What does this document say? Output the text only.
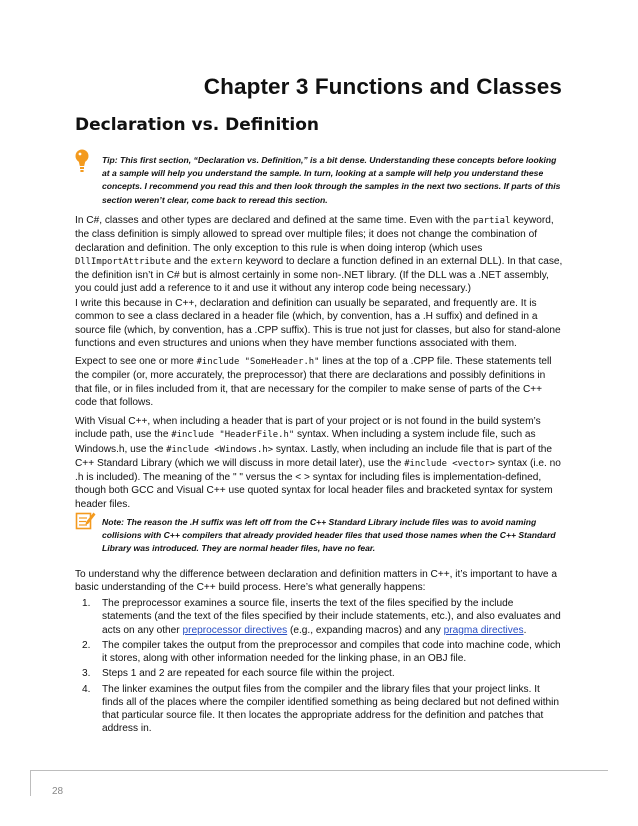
Chapter 3 Functions and Classes
Declaration vs. Definition
Tip: This first section, “Declaration vs. Definition,” is a bit dense. Understanding these concepts before looking at a sample will help you understand the sample. In turn, looking at a sample will help you understand these concepts. I recommend you read this and then look through the samples in the next two sections. If parts of this section weren’t clear, come back to reread this section.

In C#, classes and other types are declared and defined at the same time. Even with the partial keyword, the class definition is simply allowed to spread over multiple files; it does not change the combination of declaration and definition. The only exception to this rule is when doing interop (which uses DllImportAttribute and the extern keyword to declare a function defined in an external DLL). In that case, the definition isn’t in C# but is almost certainly in some non-.NET library. (If the DLL was a .NET assembly, you could just add a reference to it and use it without any interop code being necessary.)

I write this because in C++, declaration and definition can usually be separated, and frequently are. It is common to see a class declared in a header file (which, by convention, has a .H suffix) and defined in a source file (which, by convention, has a .CPP suffix). This is true not just for classes, but also for stand-alone functions and even structures and unions when they have member functions associated with them.

Expect to see one or more #include "SomeHeader.h" lines at the top of a .CPP file. These statements tell the compiler (or, more accurately, the preprocessor) that there are declarations and possibly definitions in that file, or in files included from it, that are necessary for the compiler to make sense of parts of the C++ code that follows.

With Visual C++, when including a header that is part of your project or is not found in the build system’s include path, use the #include "HeaderFile.h" syntax. When including a system include file, such as Windows.h, use the #include <Windows.h> syntax. Lastly, when including an include file that is part of the C++ Standard Library (which we will discuss in more detail later), use the #include <vector> syntax (i.e. no .h is included). The meaning of the " " versus the < > syntax for including files is implementation-defined, though both GCC and Visual C++ use quoted syntax for local header files and bracketed syntax for system header files.

Note: The reason the .H suffix was left off from the C++ Standard Library include files was to avoid naming collisions with C++ compilers that already provided header files that used those names when the C++ Standard Library was introduced. They are normal header files, have no fear.

To understand why the difference between declaration and definition matters in C++, it’s important to have a basic understanding of the C++ build process. Here’s what generally happens:

1. The preprocessor examines a source file, inserts the text of the files specified by the include statements (and the text of the files specified by their include statements, etc.), and also evaluates and acts on any other preprocessor directives (e.g., expanding macros) and any pragma directives.
2. The compiler takes the output from the preprocessor and compiles that code into machine code, which it stores, along with other information needed for the linking phase, in an OBJ file.
3. Steps 1 and 2 are repeated for each source file within the project.
4. The linker examines the output files from the compiler and the library files that your project links. It finds all of the places where the compiler identified something as being declared but not defined within that particular source file. It then locates the appropriate address for the definition and patches that address in.
28
